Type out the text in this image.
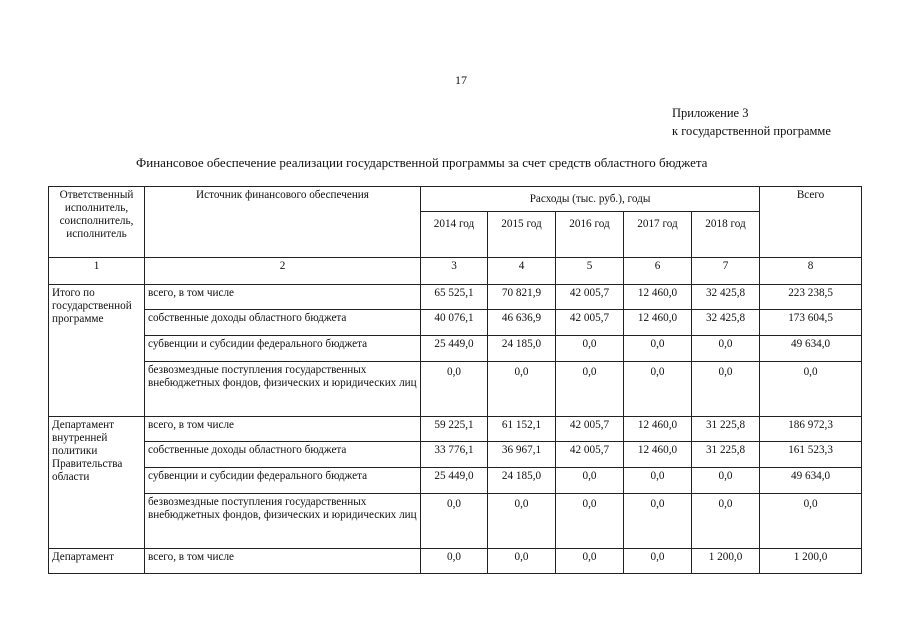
17
Приложение 3
к государственной программе
Финансовое обеспечение реализации государственной программы за счет средств областного бюджета
Ответственный исполнитель, соисполнитель, исполнитель	Источник финансового обеспечения	Расходы (тыс. руб.), годы					Всего
		2014 год	2015 год	2016 год	2017 год	2018 год	
1	2	3	4	5	6	7	8
Итого по государственной программе	всего, в том числе	65 525,1	70 821,9	42 005,7	12 460,0	32 425,8	223 238,5
	собственные доходы областного бюджета	40 076,1	46 636,9	42 005,7	12 460,0	32 425,8	173 604,5
	субвенции и субсидии федерального бюджета	25 449,0	24 185,0	0,0	0,0	0,0	49 634,0
	безвозмездные поступления государственных внебюджетных фондов, физических и юридических лиц	0,0	0,0	0,0	0,0	0,0	0,0
Департамент внутренней политики Правительства области	всего, в том числе	59 225,1	61 152,1	42 005,7	12 460,0	31 225,8	186 972,3
	собственные доходы областного бюджета	33 776,1	36 967,1	42 005,7	12 460,0	31 225,8	161 523,3
	субвенции и субсидии федерального бюджета	25 449,0	24 185,0	0,0	0,0	0,0	49 634,0
	безвозмездные поступления государственных внебюджетных фондов, физических и юридических лиц	0,0	0,0	0,0	0,0	0,0	0,0
Департамент	всего, в том числе	0,0	0,0	0,0	0,0	1 200,0	1 200,0
